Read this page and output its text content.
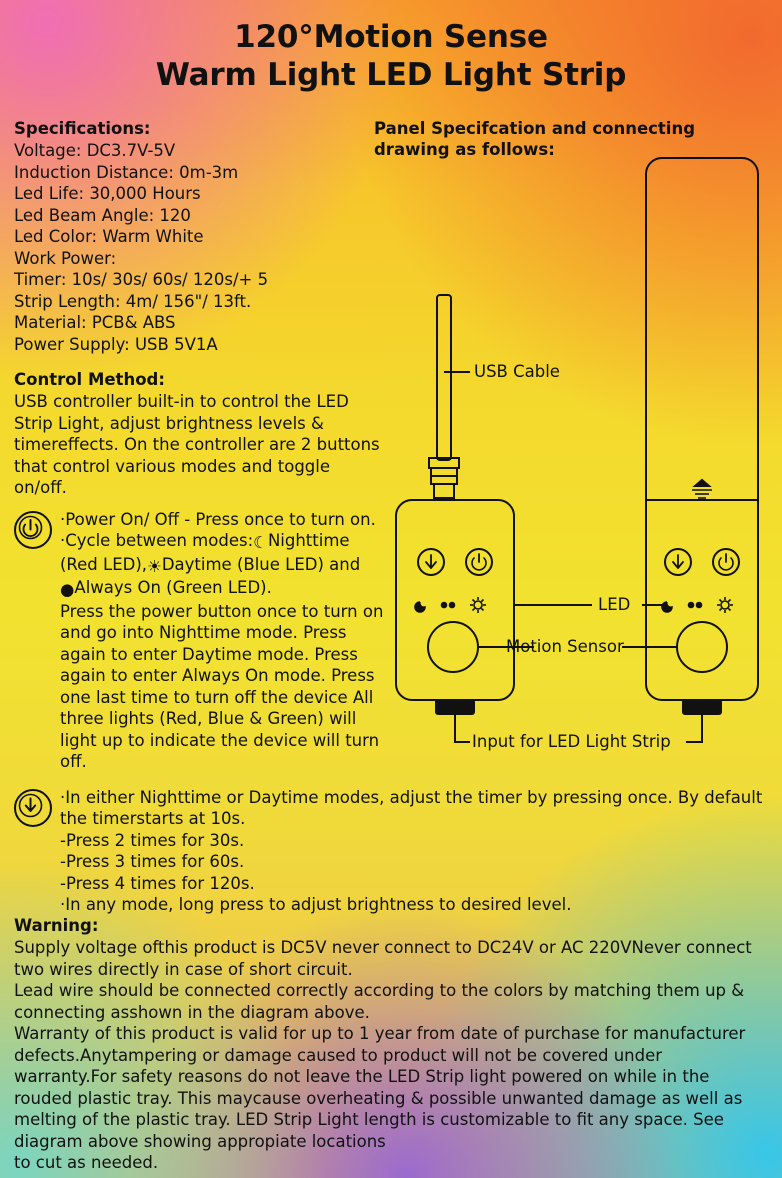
120°Motion Sense
Warm Light LED Light Strip
Specifications:
Voltage: DC3.7V-5V
Induction Distance: 0m-3m
Led Life: 30,000 Hours
Led Beam Angle: 120
Led Color: Warm White
Work Power:
Timer: 10s/ 30s/ 60s/ 120s/+ 5
Strip Length: 4m/ 156"/ 13ft.
Material: PCB& ABS
Power Supply: USB 5V1A
Control Method:
USB controller built-in to control the LED Strip Light, adjust brightness levels & timereffects. On the controller are 2 buttons that control various modes and toggle on/off.
·Power On/ Off - Press once to turn on.
·Cycle between modes:☾Nighttime
(Red LED),☀Daytime (Blue LED) and
●Always On (Green LED).
Press the power button once to turn on and go into Nighttime mode. Press again to enter Daytime mode. Press again to enter Always On mode. Press one last time to turn off the device All three lights (Red, Blue & Green) will light up to indicate the device will turn off.
·In either Nighttime or Daytime modes, adjust the timer by pressing once. By default the timerstarts at 10s.
-Press 2 times for 30s.
-Press 3 times for 60s.
-Press 4 times for 120s.
·In any mode, long press to adjust brightness to desired level.
Panel Specifcation and connecting
drawing as follows:
USB Cable
LED
Motion Sensor
Input for LED Light Strip
Warning:

Supply voltage ofthis product is DC5V never connect to DC24V or AC 220VNever connect two wires directly in case of short circuit.

Lead wire should be connected correctly according to the colors by matching them up & connecting asshown in the diagram above.

Warranty of this product is valid for up to 1 year from date of purchase for manufacturer defects.Anytampering or damage caused to product will not be covered under warranty.For safety reasons do not leave the LED Strip light powered on while in the rouded plastic tray. This maycause overheating & possible unwanted damage as well as melting of the plastic tray. LED Strip Light length is customizable to fit any space. See diagram above showing appropiate locations

to cut as needed.
